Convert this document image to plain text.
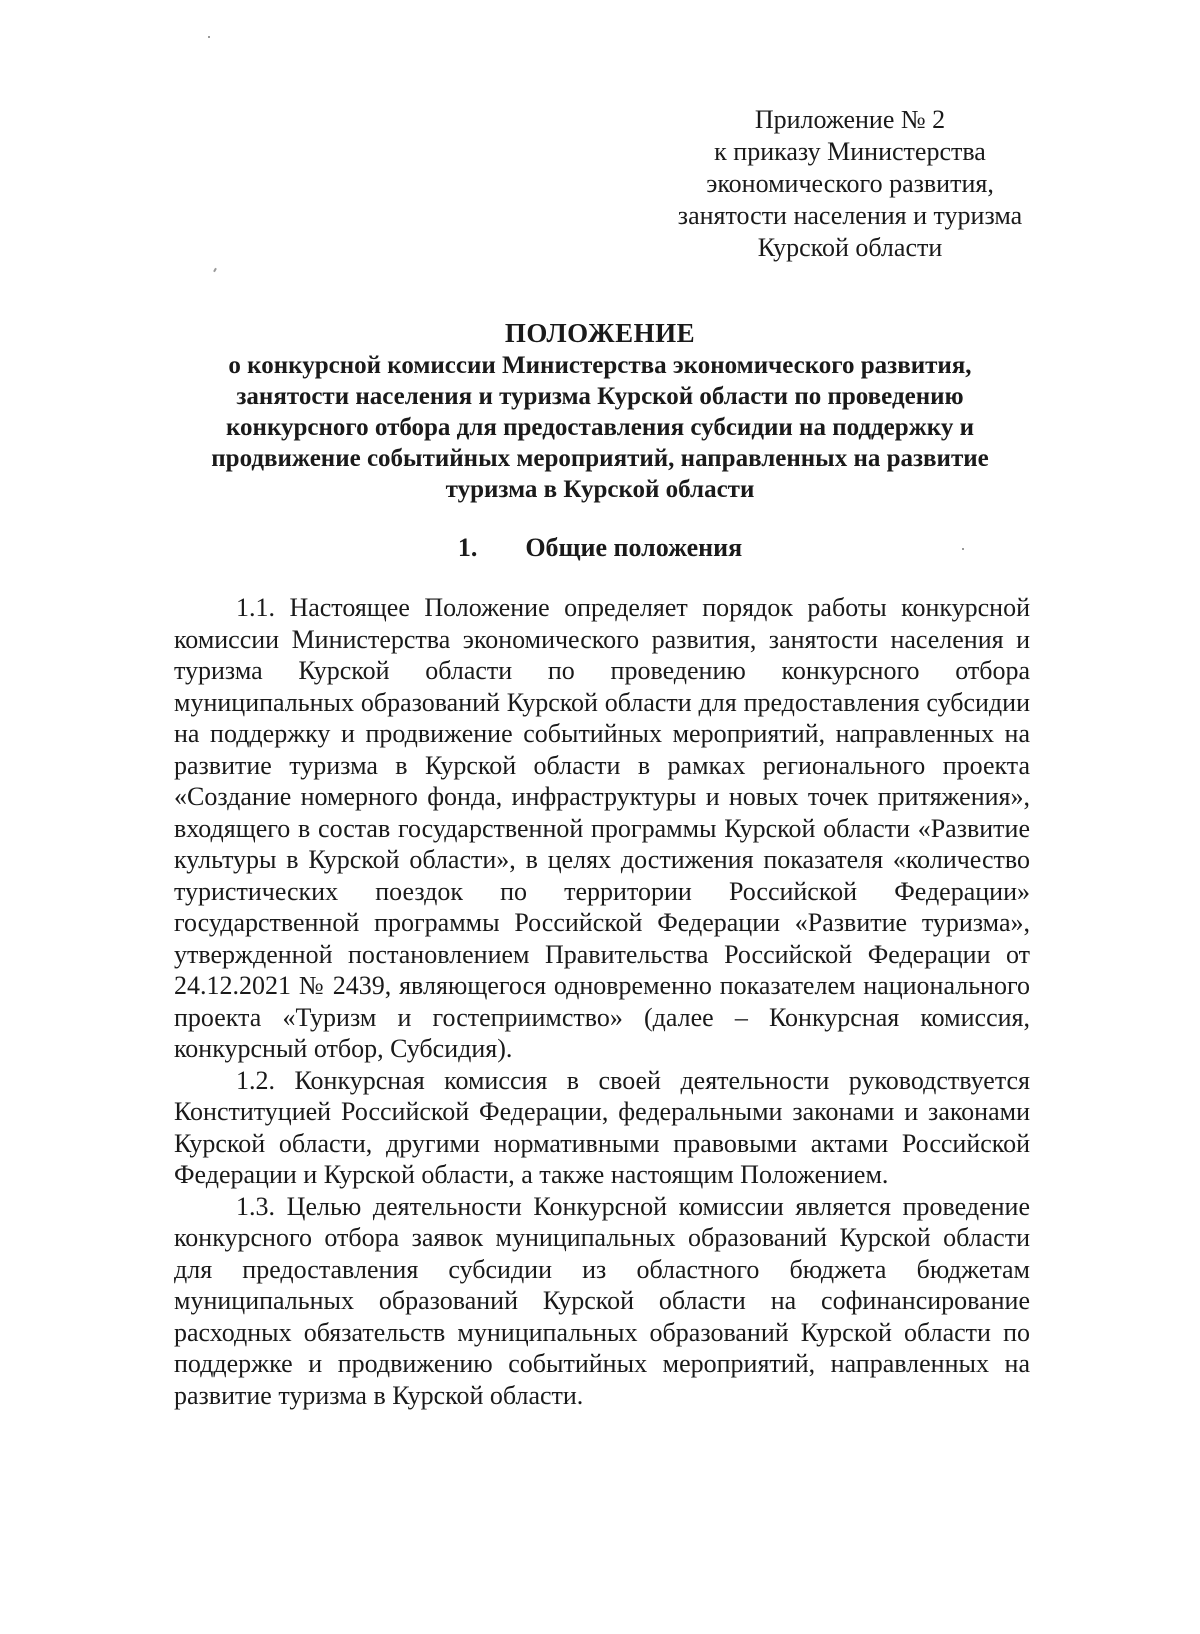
Приложение № 2
к приказу Министерства
экономического развития,
занятости населения и туризма
Курской области
ПОЛОЖЕНИЕ
о конкурсной комиссии Министерства экономического развития, занятости населения и туризма Курской области по проведению конкурсного отбора для предоставления субсидии на поддержку и продвижение событийных мероприятий, направленных на развитие туризма в Курской области
1. Общие положения

1.1. Настоящее Положение определяет порядок работы конкурсной комиссии Министерства экономического развития, занятости населения и туризма Курской области по проведению конкурсного отбора муниципальных образований Курской области для предоставления субсидии на поддержку и продвижение событийных мероприятий, направленных на развитие туризма в Курской области в рамках регионального проекта «Создание номерного фонда, инфраструктуры и новых точек притяжения», входящего в состав государственной программы Курской области «Развитие культуры в Курской области», в целях достижения показателя «количество туристических поездок по территории Российской Федерации» государственной программы Российской Федерации «Развитие туризма», утвержденной постановлением Правительства Российской Федерации от 24.12.2021 № 2439, являющегося одновременно показателем национального проекта «Туризм и гостеприимство» (далее – Конкурсная комиссия, конкурсный отбор, Субсидия).

1.2. Конкурсная комиссия в своей деятельности руководствуется Конституцией Российской Федерации, федеральными законами и законами Курской области, другими нормативными правовыми актами Российской Федерации и Курской области, а также настоящим Положением.

1.3. Целью деятельности Конкурсной комиссии является проведение конкурсного отбора заявок муниципальных образований Курской области для предоставления субсидии из областного бюджета бюджетам муниципальных образований Курской области на софинансирование расходных обязательств муниципальных образований Курской области по поддержке и продвижению событийных мероприятий, направленных на развитие туризма в Курской области.
